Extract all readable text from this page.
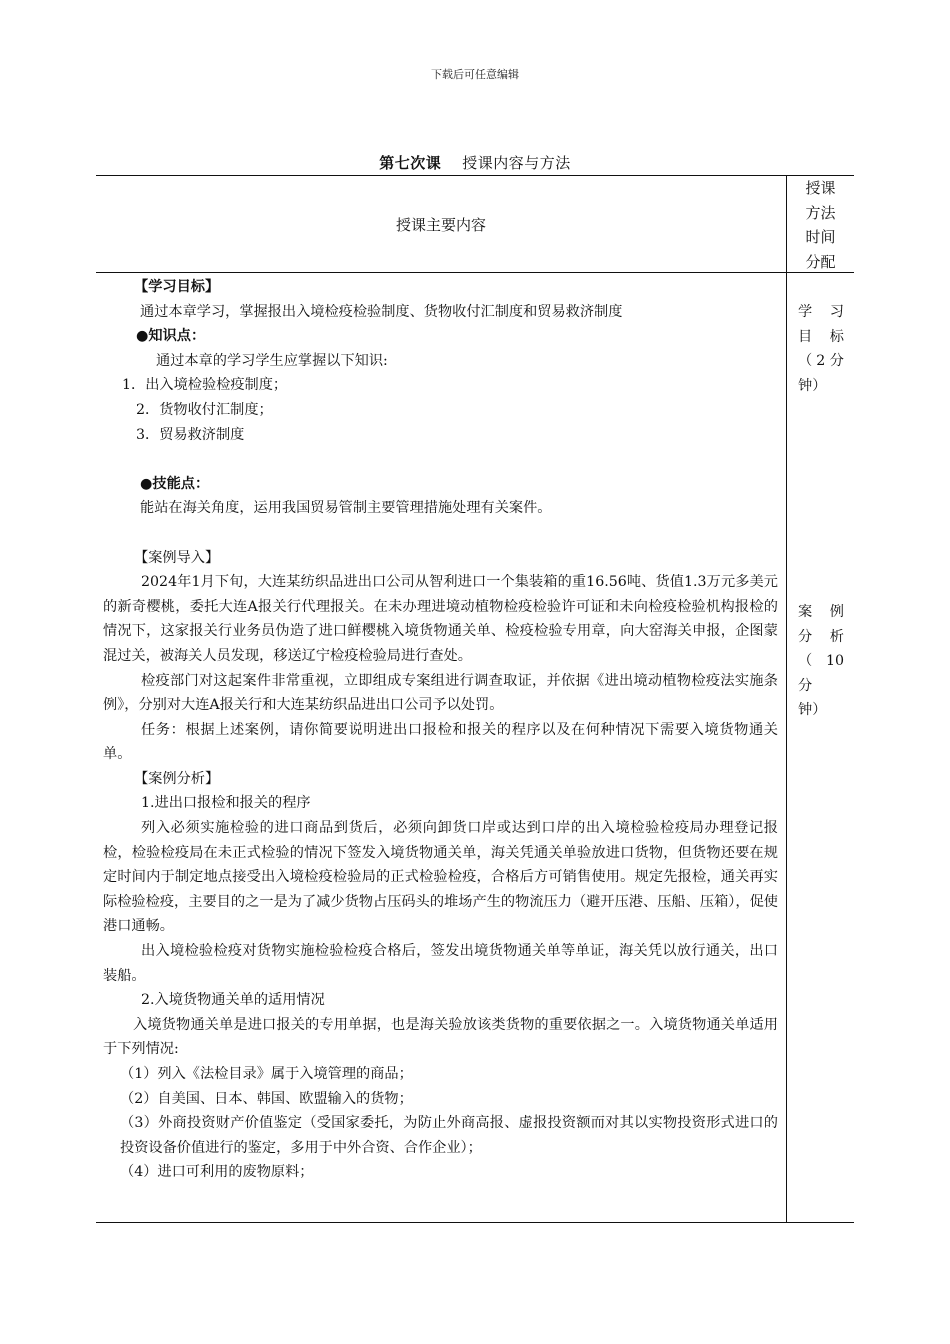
下载后可任意编辑
第七次课 授课内容与方法
授课主要内容
授课
方法
时间
分配

【学习目标】

通过本章学习，掌握报出入境检疫检验制度、货物收付汇制度和贸易救济制度

●知识点：

通过本章的学习学生应掌握以下知识:

1．出入境检验检疫制度；

2．货物收付汇制度；

3．贸易救济制度

●技能点：

能站在海关角度，运用我国贸易管制主要管理措施处理有关案件。

【案例导入】

2024年1月下旬，大连某纺织品进出口公司从智利进口一个集装箱的重16.56吨、货值1.3万元多美元的新奇樱桃，委托大连A报关行代理报关。在未办理进境动植物检疫检验许可证和未向检疫检验机构报检的情况下，这家报关行业务员伪造了进口鲜樱桃入境货物通关单、检疫检验专用章，向大窑海关申报，企图蒙混过关，被海关人员发现，移送辽宁检疫检验局进行查处。

检疫部门对这起案件非常重视，立即组成专案组进行调查取证，并依据《进出境动植物检疫法实施条例》，分别对大连A报关行和大连某纺织品进出口公司予以处罚。

任务：根据上述案例，请你简要说明进出口报检和报关的程序以及在何种情况下需要入境货物通关单。

【案例分析】

1.进出口报检和报关的程序

列入必须实施检验的进口商品到货后，必须向卸货口岸或达到口岸的出入境检验检疫局办理登记报检，检验检疫局在未正式检验的情况下签发入境货物通关单，海关凭通关单验放进口货物，但货物还要在规定时间内于制定地点接受出入境检疫检验局的正式检验检疫，合格后方可销售使用。规定先报检，通关再实际检验检疫，主要目的之一是为了减少货物占压码头的堆场产生的物流压力（避开压港、压船、压箱），促使港口通畅。

出入境检验检疫对货物实施检验检疫合格后，签发出境货物通关单等单证，海关凭以放行通关，出口装船。

2.入境货物通关单的适用情况

入境货物通关单是进口报关的专用单据，也是海关验放该类货物的重要依据之一。入境货物通关单适用于下列情况:

（1）列入《法检目录》属于入境管理的商品；

（2）自美国、日本、韩国、欧盟输入的货物；

（3）外商投资财产价值鉴定（受国家委托，为防止外商高报、虚报投资额而对其以实物投资形式进口的投资设备价值进行的鉴定，多用于中外合资、合作企业）；

（4）进口可利用的废物原料；

学 习
目 标
（ 2 分
钟）
案 例
分 析
（ 10
分
钟）
